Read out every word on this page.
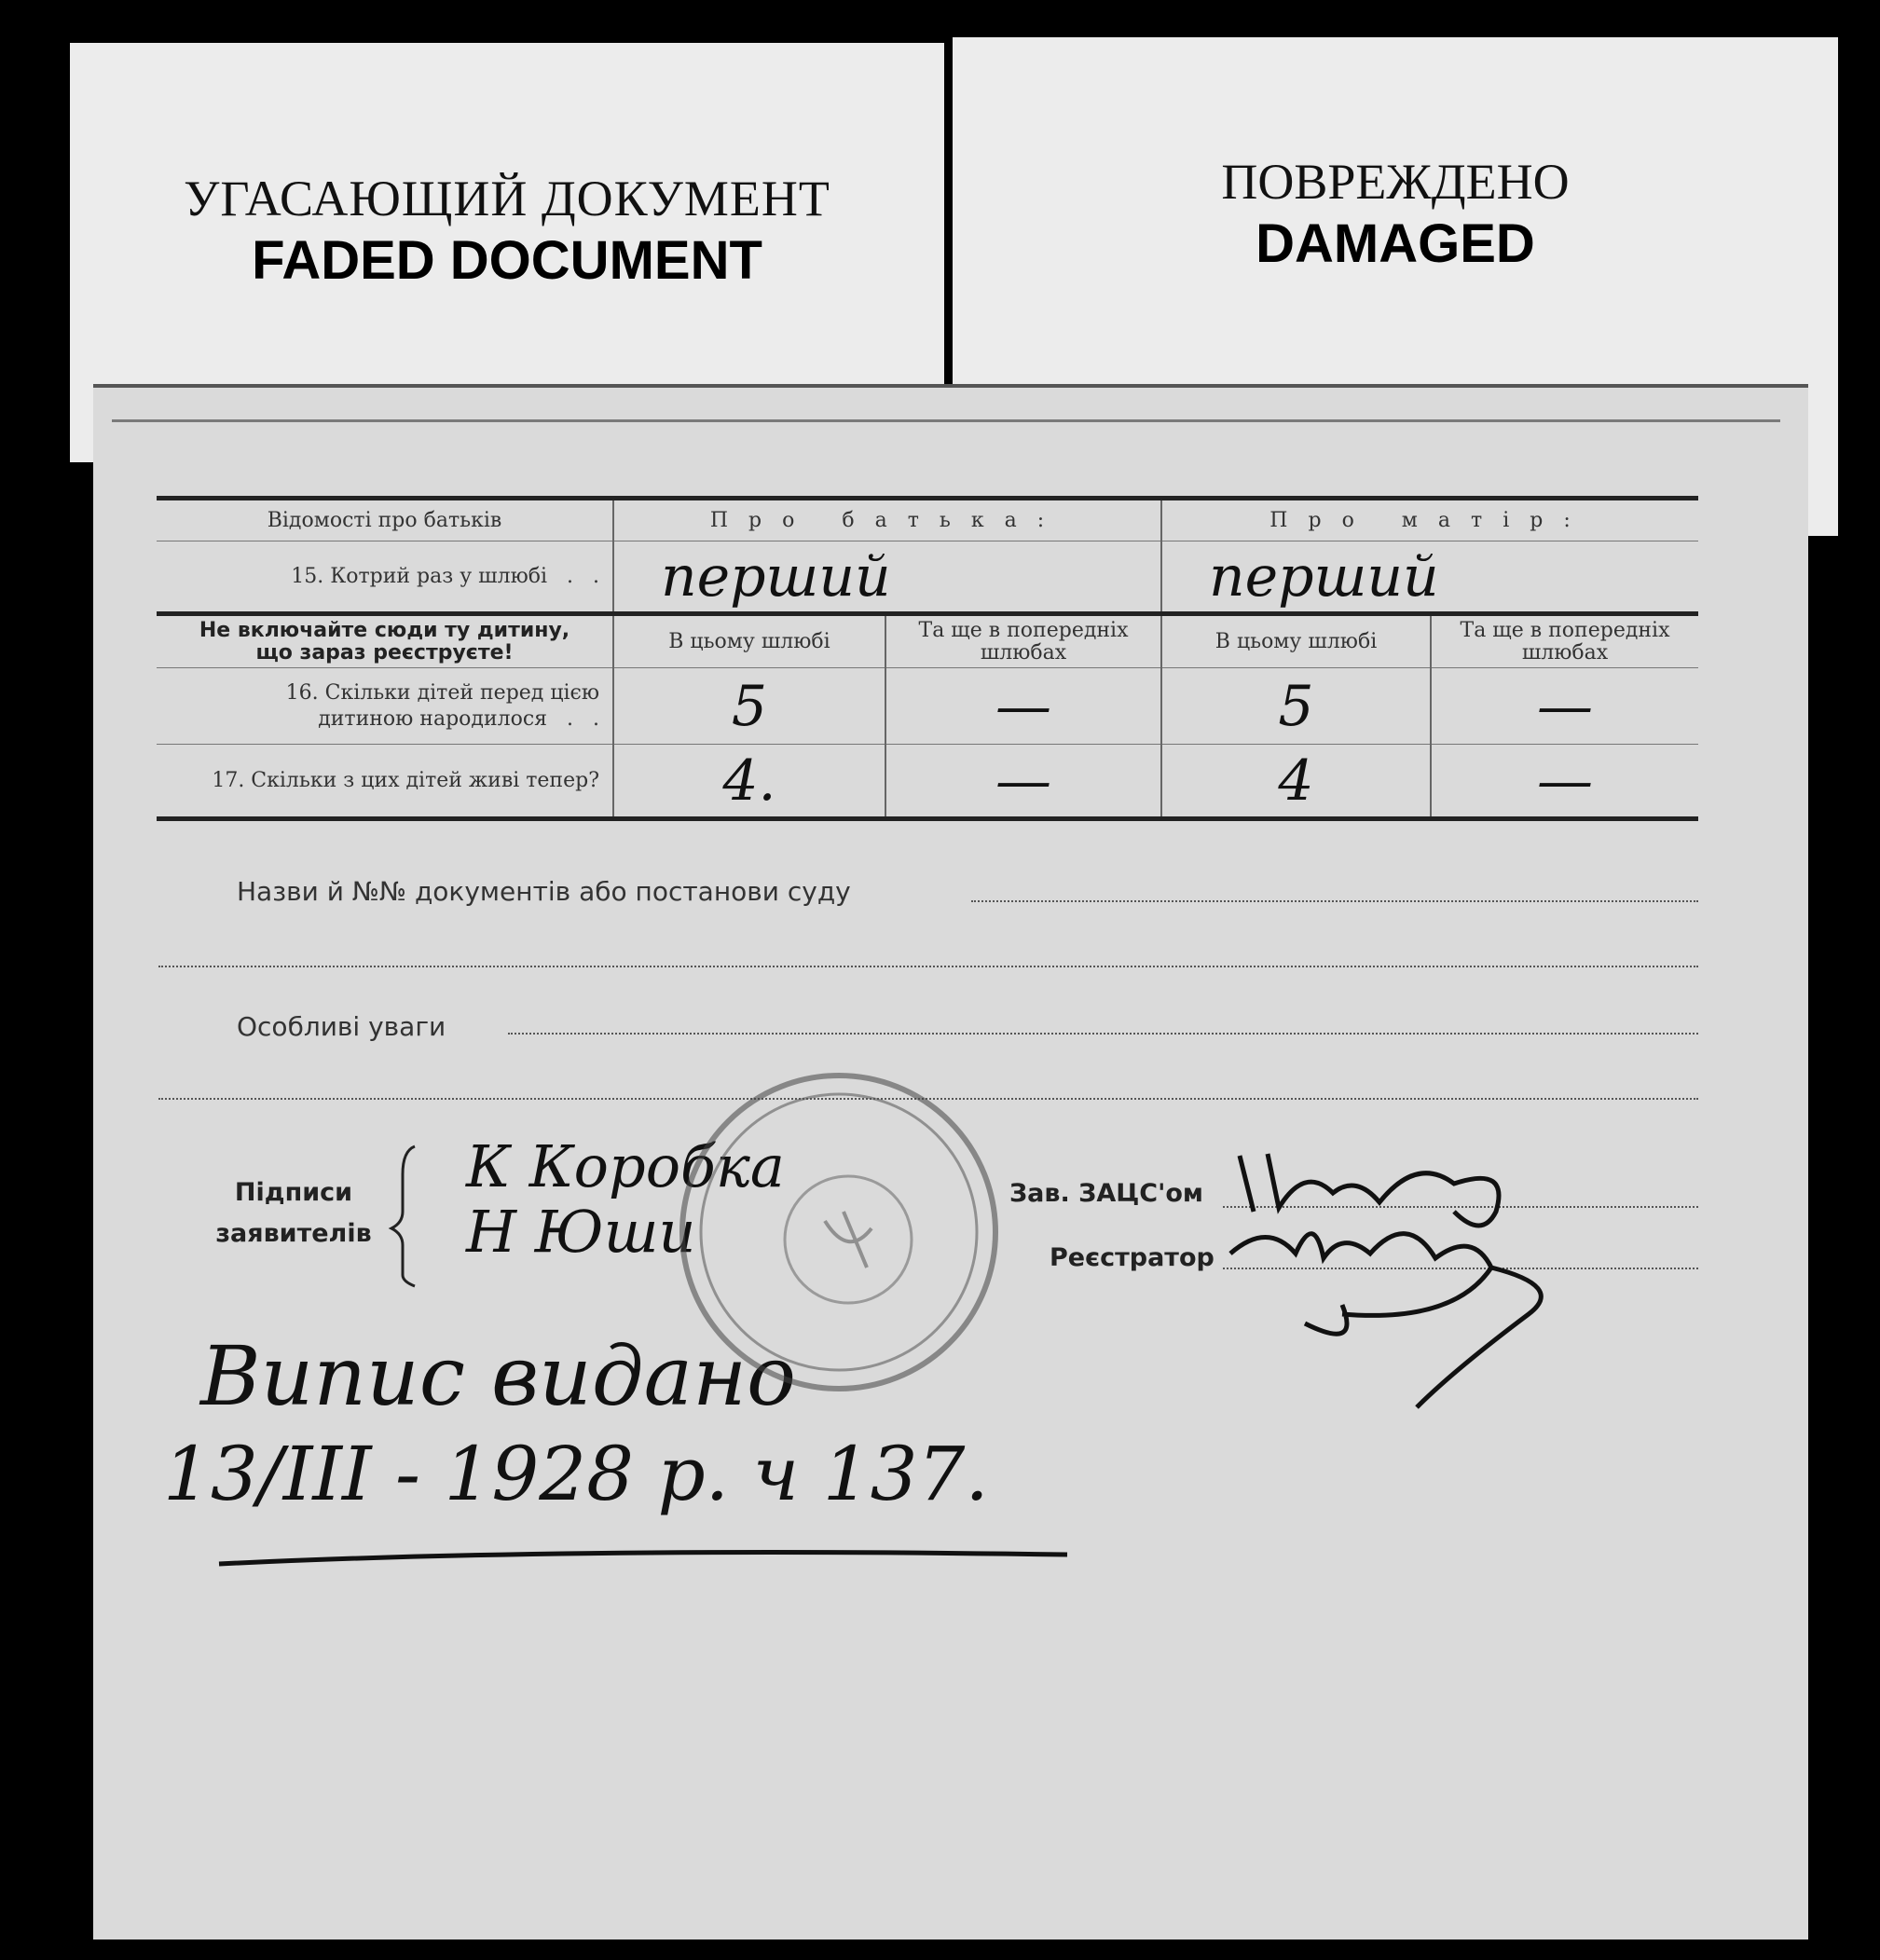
УГАСАЮЩИЙ ДОКУМЕНТ
FADED DOCUMENT
ПОВРЕЖДЕНО
DAMAGED
Відомості про батьків	Про батька:		Про матір:	
15. Котрий раз у шлюбі   .   .	перший		перший	

Не включайте сюди ту дитину,
що зараз реєструєте!	В цьому шлюбі	Та ще в попередніх шлюбах	В цьому шлюбі	Та ще в попередніх шлюбах

16. Скільки дітей перед цією
дитиною народилося   .   .	5	—	5	—
17. Скільки з цих дітей живі тепер?	4.	—	4	—
Назви й №№ документів або постанови суду
Особливі уваги
Підписи
заявителів
К Коробка
Н Юши
Зав. ЗАЦС'ом
Реєстратор
Випис видано
13/ІІІ - 1928 р. ч 137.
